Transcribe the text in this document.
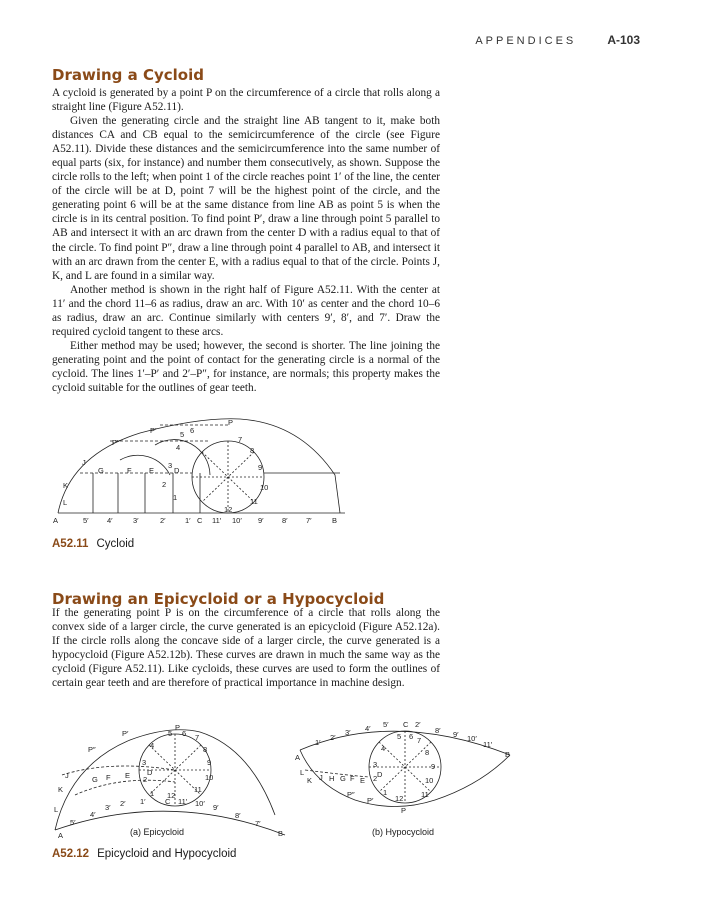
APPENDICES	A-103
Drawing a Cycloid

A cycloid is generated by a point P on the circumference of a circle that rolls along a straight line (Figure A52.11).

Given the generating circle and the straight line AB tangent to it, make both distances CA and CB equal to the semicircumference of the circle (see Figure A52.11). Divide these distances and the semicircumference into the same number of equal parts (six, for instance) and number them consecutively, as shown. Suppose the circle rolls to the left; when point 1 of the circle reaches point 1′ of the line, the center of the circle will be at D, point 7 will be the highest point of the circle, and the generating point 6 will be at the same distance from line AB as point 5 is when the circle is in its central position. To find point P′, draw a line through point 5 parallel to AB and intersect it with an arc drawn from the center D with a radius equal to that of the circle. To find point P″, draw a line through point 4 parallel to AB, and intersect it with an arc drawn from the center E, with a radius equal to that of the circle. Points J, K, and L are found in a similar way.

Another method is shown in the right half of Figure A52.11. With the center at 11′ and the chord 11–6 as radius, draw an arc. With 10′ as center and the chord 10–6 as radius, draw an arc. Continue similarly with centers 9′, 8′, and 7′. Draw the required cycloid tangent to these arcs.

Either method may be used; however, the second is shorter. The line joining the generating point and the point of contact for the generating circle is a normal of the cycloid. The lines 1′–P′ and 2′–P″, for instance, are normals; this property makes the cycloid suitable for the outlines of gear teeth.

A	5′ 4′	3′	2′	1′ C 11′ 10′ 9′ 8′ 7′	B
P
P′
P″
J
K
L
G	F E	D
5 6
4
3
2
1
12
11
10
9
8
7
A52.11 Cycloid
Drawing an Epicycloid or a Hypocycloid

If the generating point P is on the circumference of a circle that rolls along the convex side of a larger circle, the curve generated is an epicycloid (Figure A52.12a). If the circle rolls along the concave side of a larger circle, the curve generated is a hypocycloid (Figure A52.12b). These curves are drawn in much the same way as the cycloid (Figure A52.11). Like cycloids, these curves are used to form the outlines of certain gear teeth and are therefore of practical importance in machine design.

P
P′
P″
J
K
L
G F E D
A
5′
4′
3′ 2′ 1′	C 11′ 10′ 9′
8′
7′
B
12
11
10
9
8
7
6
5
4
3
2
1
(a) Epicycloid
A
1′
2′
3′ 4′ 5′ C 2′
8′ 9′ 10′
11′
B
L
K J H G F E
D
P″
P′
P
12 11
10
9
8
7
6
5
4
3
2
1
(b) Hypocycloid
A52.12 Epicycloid and Hypocycloid
